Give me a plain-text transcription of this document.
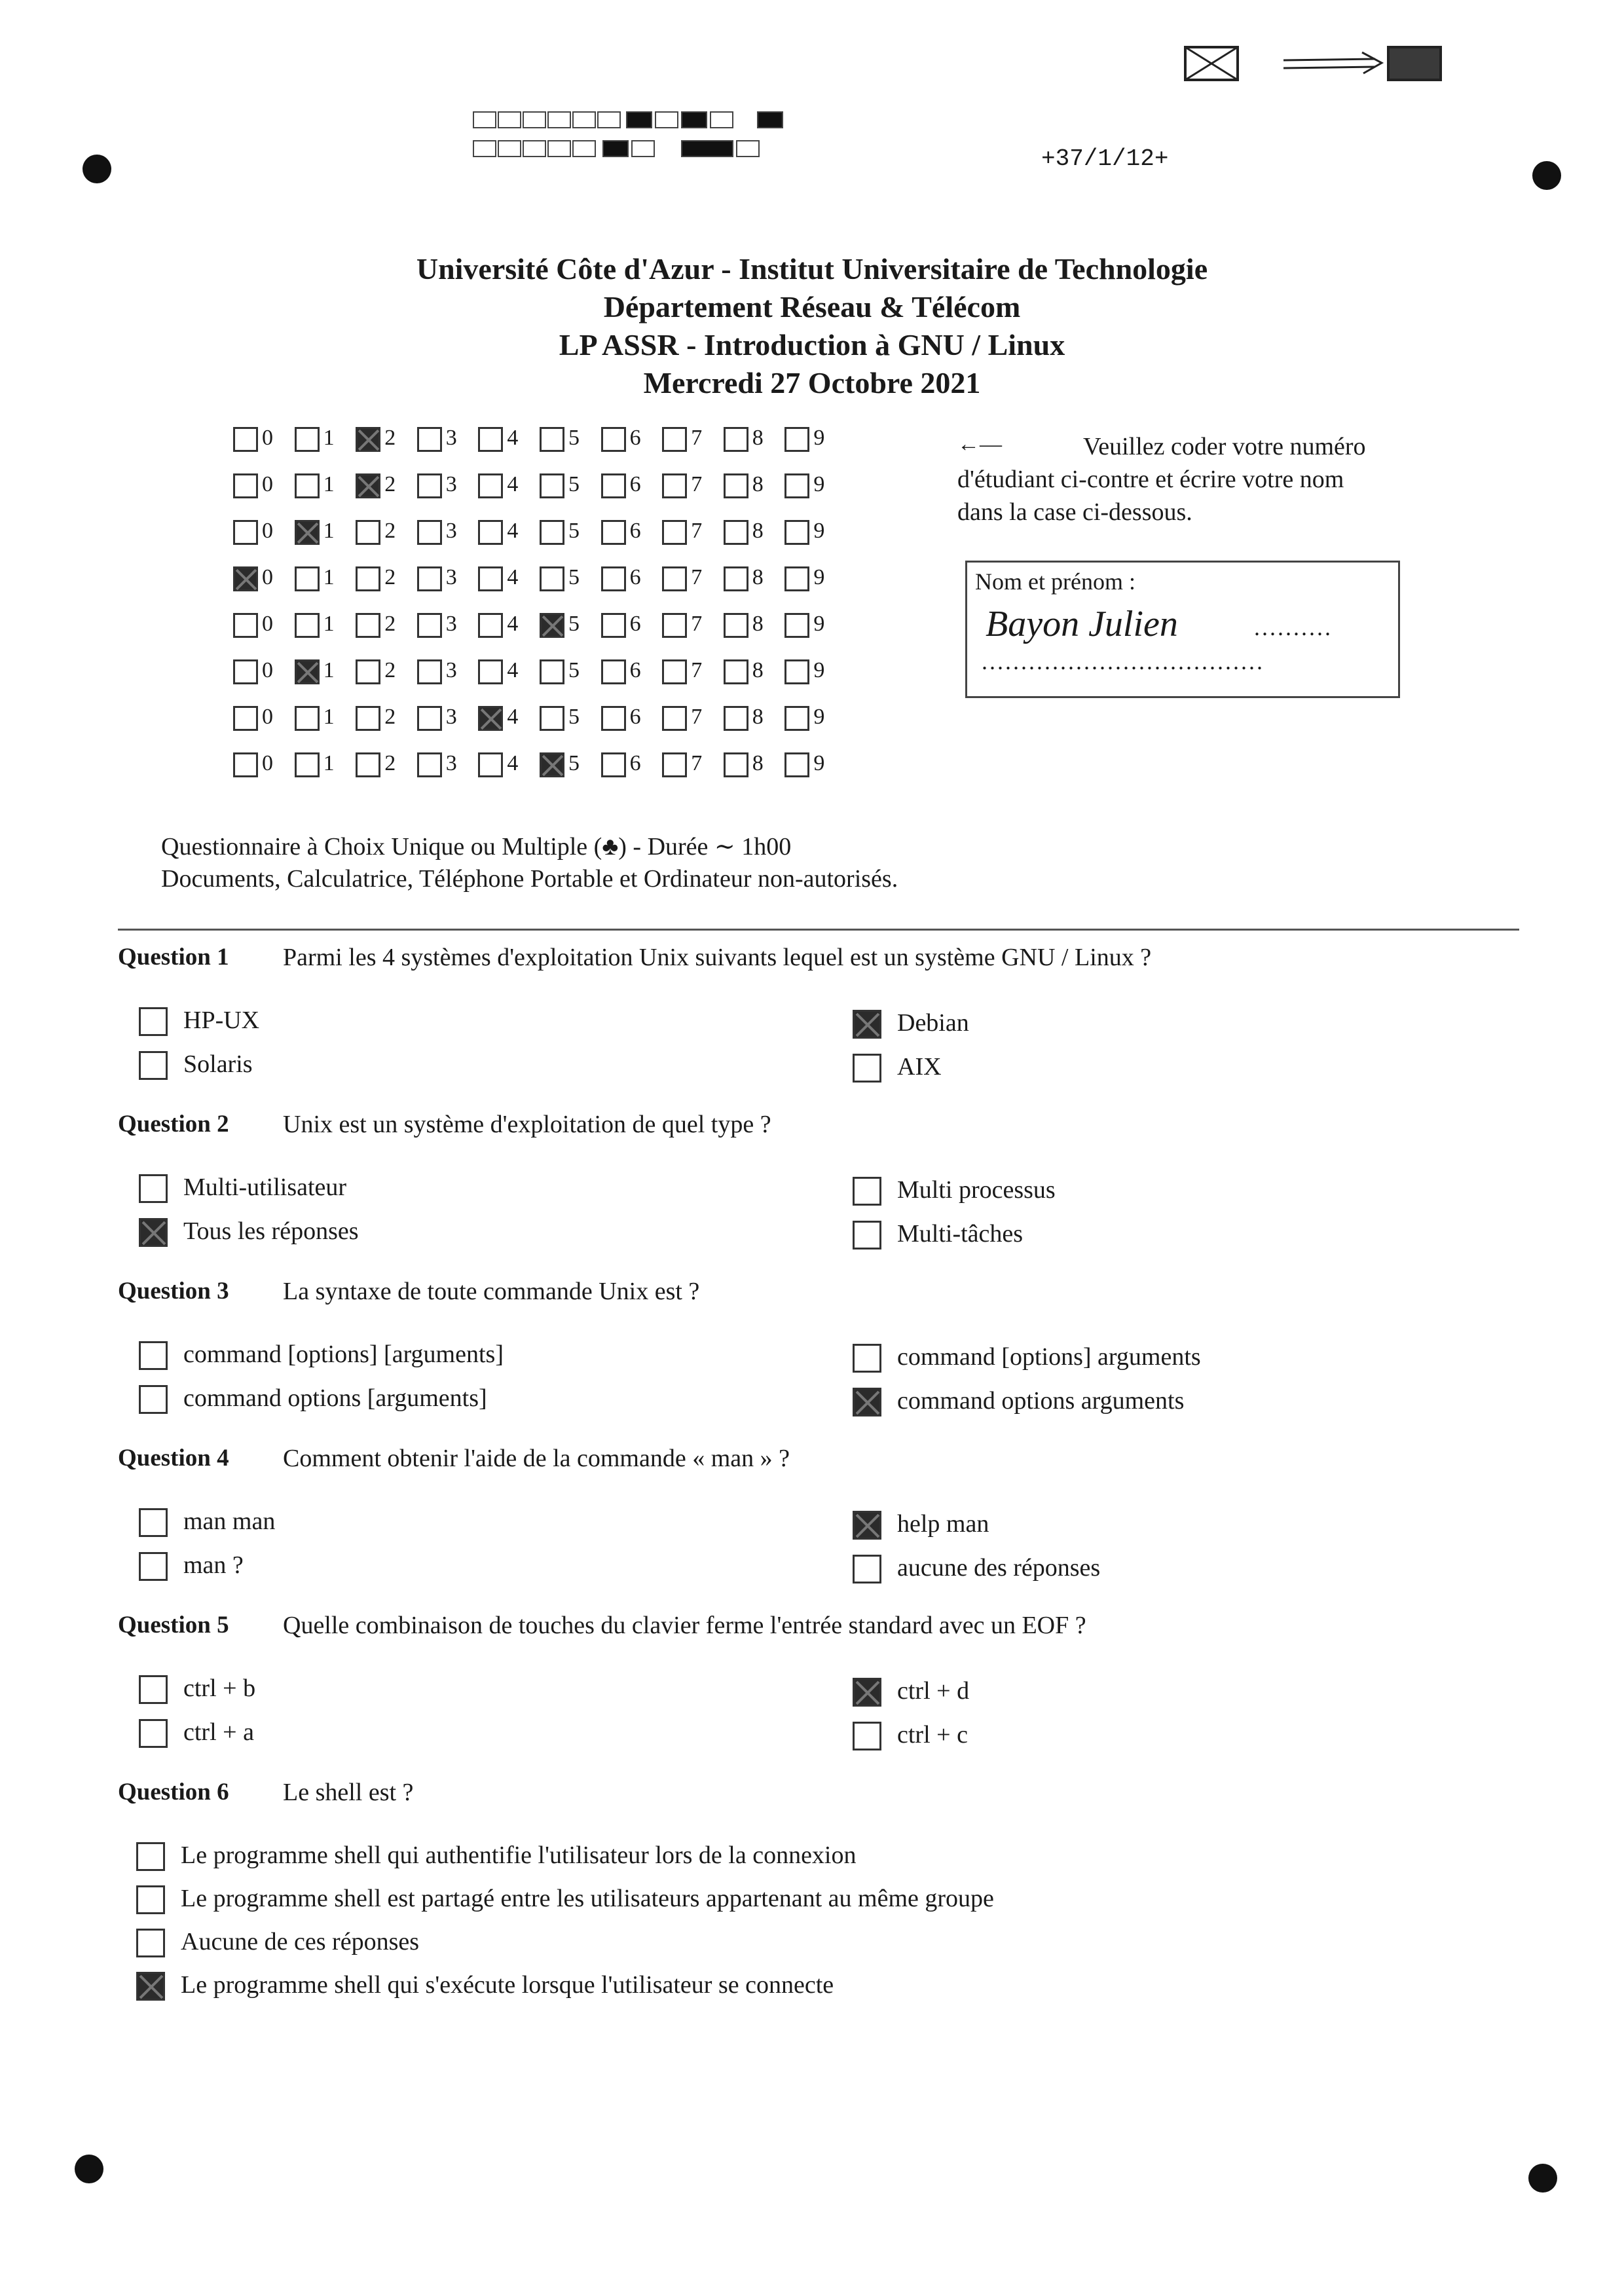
+37/1/12+
Université Côte d'Azur - Institut Universitaire de Technologie
Département Réseau & Télécom
LP ASSR - Introduction à GNU / Linux
Mercredi 27 Octobre 2021
0 1 2 3 4 5 6 7 8 9
0 1 2 3 4 5 6 7 8 9
0 1 2 3 4 5 6 7 8 9
0 1 2 3 4 5 6 7 8 9
0 1 2 3 4 5 6 7 8 9
0 1 2 3 4 5 6 7 8 9
0 1 2 3 4 5 6 7 8 9
0 1 2 3 4 5 6 7 8 9
←—	Veuillez coder votre numéro
d'étudiant ci-contre et écrire votre nom
dans la case ci-dessous.
Nom et prénom :
Bayon Julien	..........
....................................
Questionnaire à Choix Unique ou Multiple (♣) - Durée ∼ 1h00
Documents, Calculatrice, Téléphone Portable et Ordinateur non-autorisés.
Question 1 Parmi les 4 systèmes d'exploitation Unix suivants lequel est un système GNU / Linux ?
HP-UX
Solaris
Debian
AIX
Question 2 Unix est un système d'exploitation de quel type ?
Multi-utilisateur
Tous les réponses
Multi processus
Multi-tâches
Question 3 La syntaxe de toute commande Unix est ?
command [options] [arguments]
command options [arguments]
command [options] arguments
command options arguments
Question 4 Comment obtenir l'aide de la commande « man » ?
man man
man ?
help man
aucune des réponses
Question 5 Quelle combinaison de touches du clavier ferme l'entrée standard avec un EOF ?
ctrl + b
ctrl + a
ctrl + d
ctrl + c
Question 6 Le shell est ?
Le programme shell qui authentifie l'utilisateur lors de la connexion
Le programme shell est partagé entre les utilisateurs appartenant au même groupe
Aucune de ces réponses
Le programme shell qui s'exécute lorsque l'utilisateur se connecte
